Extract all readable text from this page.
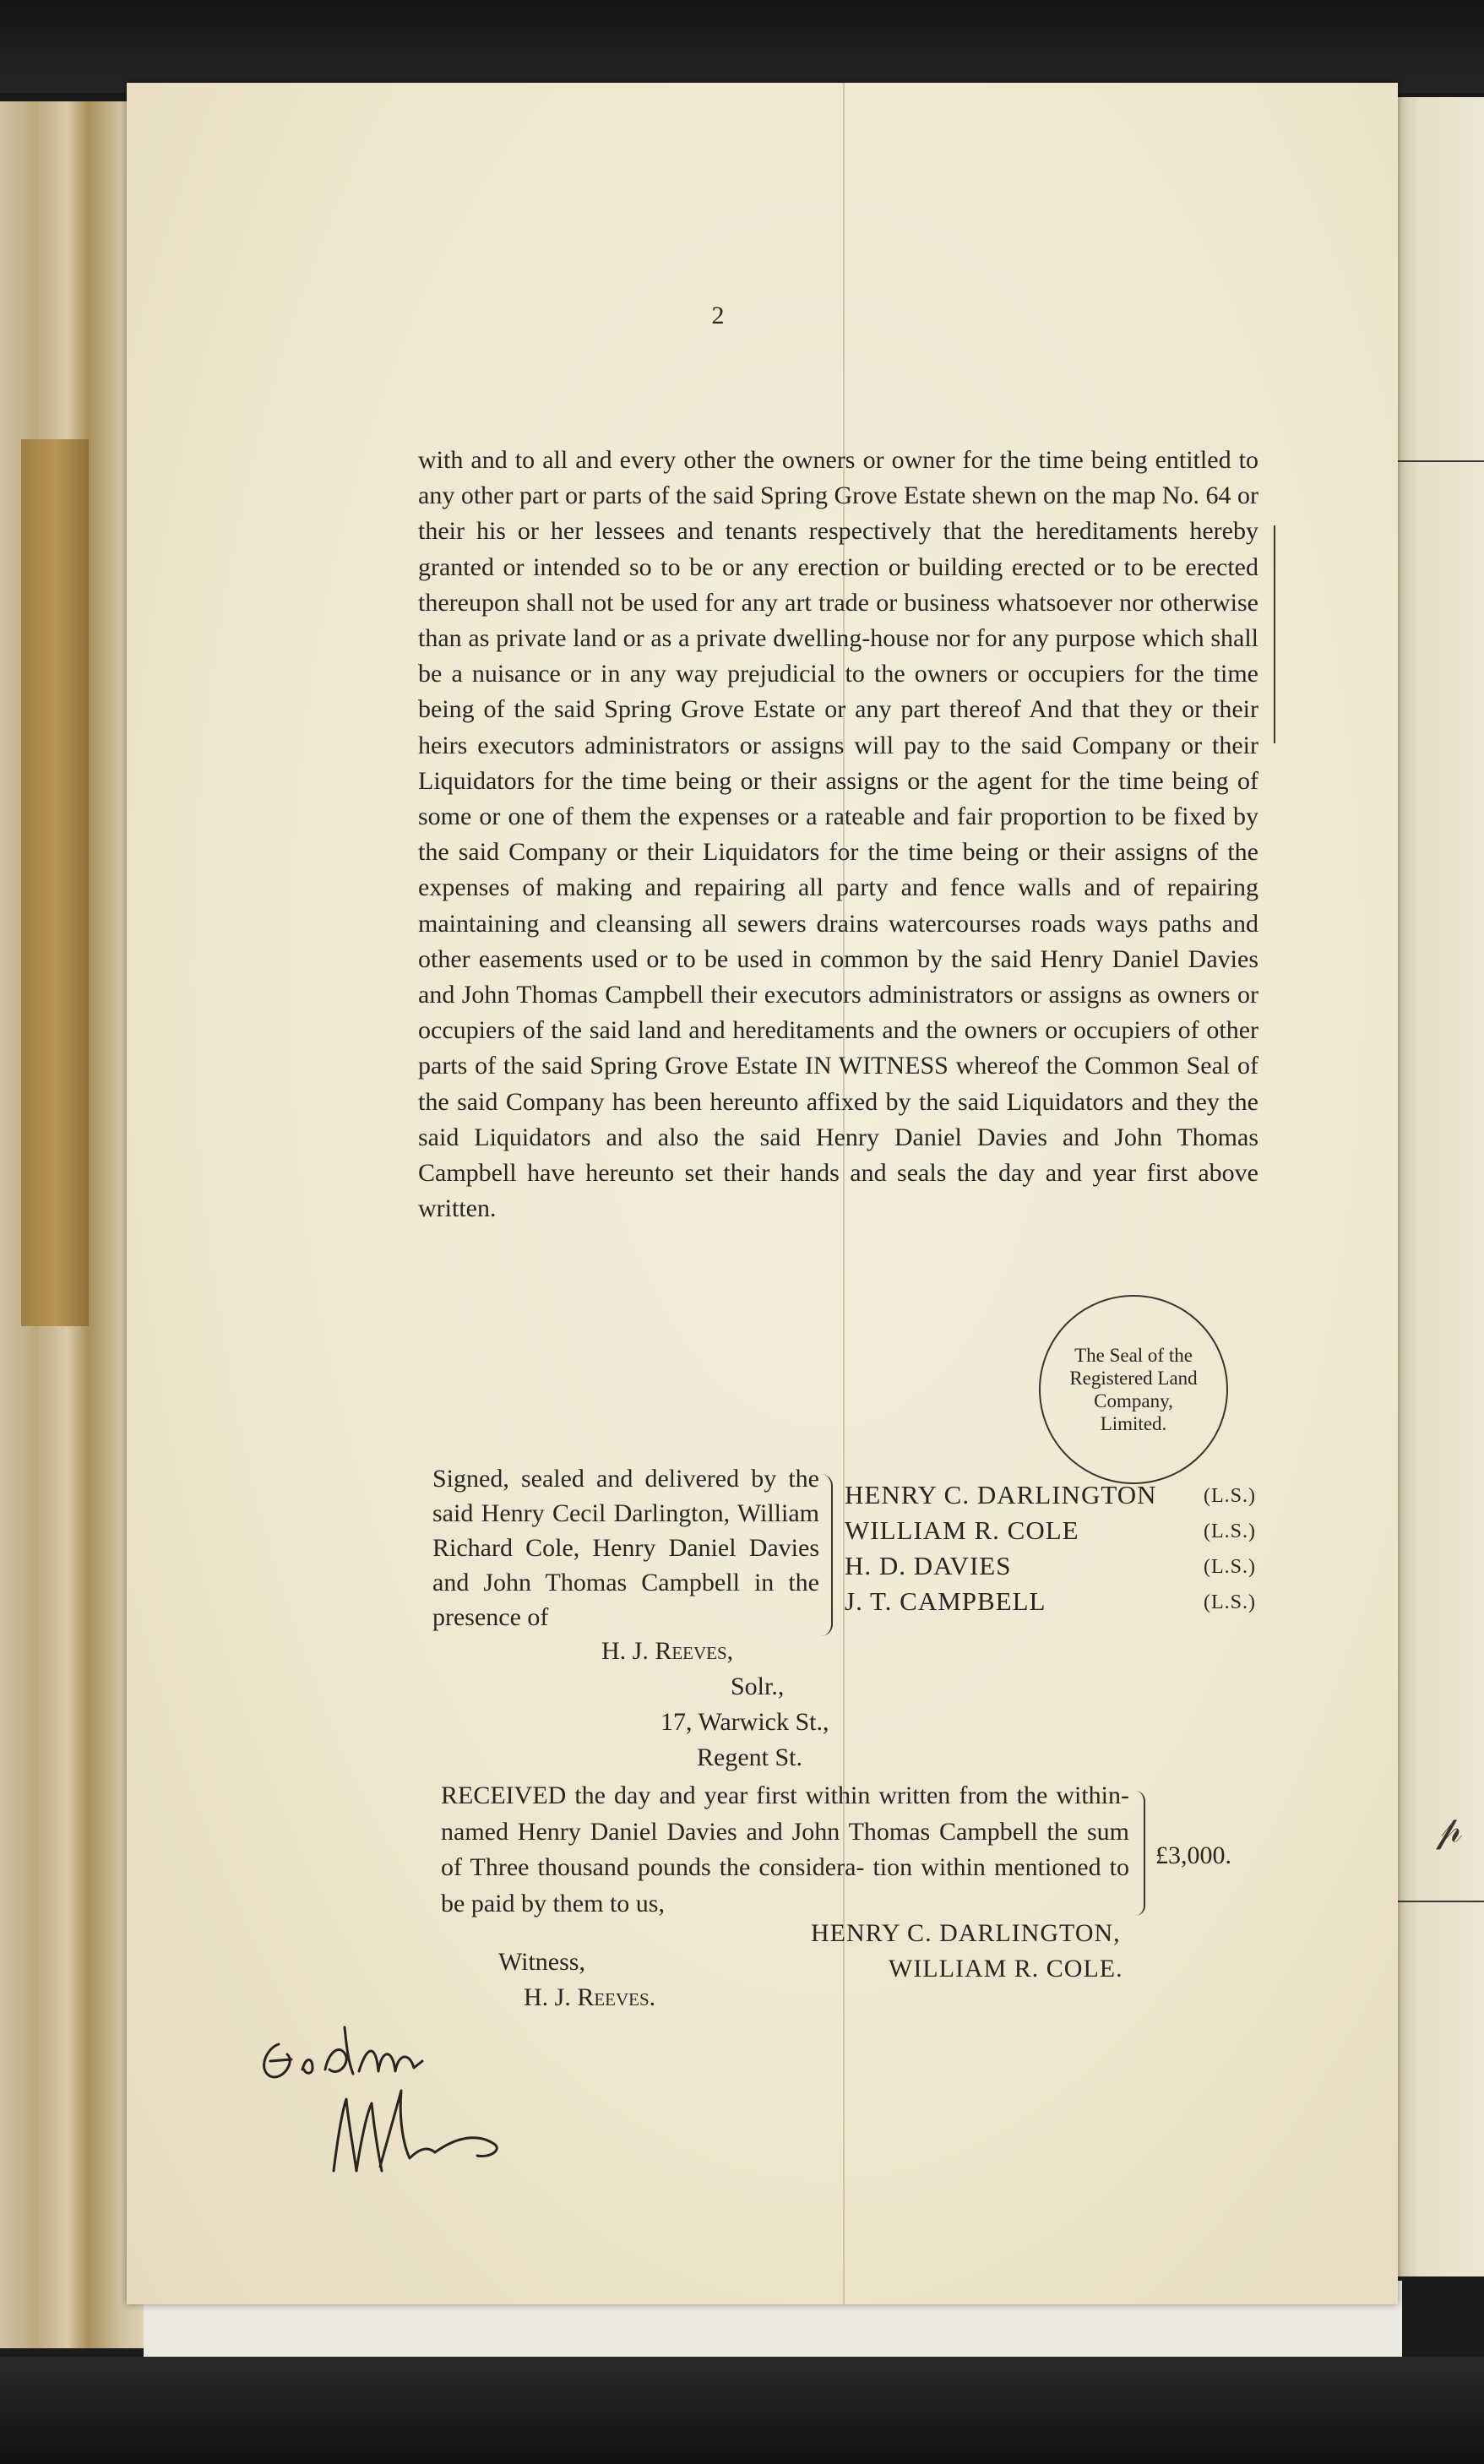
𝓅
2

with and to all and every other the owners or owner for the time being entitled to any other part or parts of the said Spring Grove Estate shewn on the map No. 64 or their his or her lessees and tenants respectively that the hereditaments hereby granted or intended so to be or any erection or building erected or to be erected thereupon shall not be used for any art trade or business whatsoever nor otherwise than as private land or as a private dwelling-house nor for any purpose which shall be a nuisance or in any way prejudicial to the owners or occupiers for the time being of the said Spring Grove Estate or any part thereof And that they or their heirs executors administrators or assigns will pay to the said Company or their Liquidators for the time being or their assigns or the agent for the time being of some or one of them the expenses or a rateable and fair proportion to be fixed by the said Company or their Liquidators for the time being or their assigns of the expenses of making and repairing all party and fence walls and of repairing maintaining and cleansing all sewers drains watercourses roads ways paths and other easements used or to be used in common by the said Henry Daniel Davies and John Thomas Campbell their executors administrators or assigns as owners or occupiers of the said land and hereditaments and the owners or occupiers of other parts of the said Spring Grove Estate IN WITNESS whereof the Common Seal of the said Company has been hereunto affixed by the said Liquidators and they the said Liquidators and also the said Henry Daniel Davies and John Thomas Campbell have hereunto set their hands and seals the day and year first above written.

The Seal of the Registered Land Company, Limited.

Signed, sealed and delivered by the said Henry Cecil Darlington, William Richard Cole, Henry Daniel Davies and John Thomas Campbell in the presence of

HENRY C. DARLINGTON (L.S.)
WILLIAM R. COLE	(L.S.)
H. D. DAVIES	(L.S.)
J. T. CAMPBELL	(L.S.)
H. J. Reeves,
Solr.,
17, Warwick St.,
Regent St.

RECEIVED the day and year first within written from the within-named Henry Daniel Davies and John Thomas Campbell the sum of Three thousand pounds the considera- tion within mentioned to be paid by them to us,

£3,000.
HENRY C. DARLINGTON,
WILLIAM R. COLE.
Witness,
H. J. Reeves.
